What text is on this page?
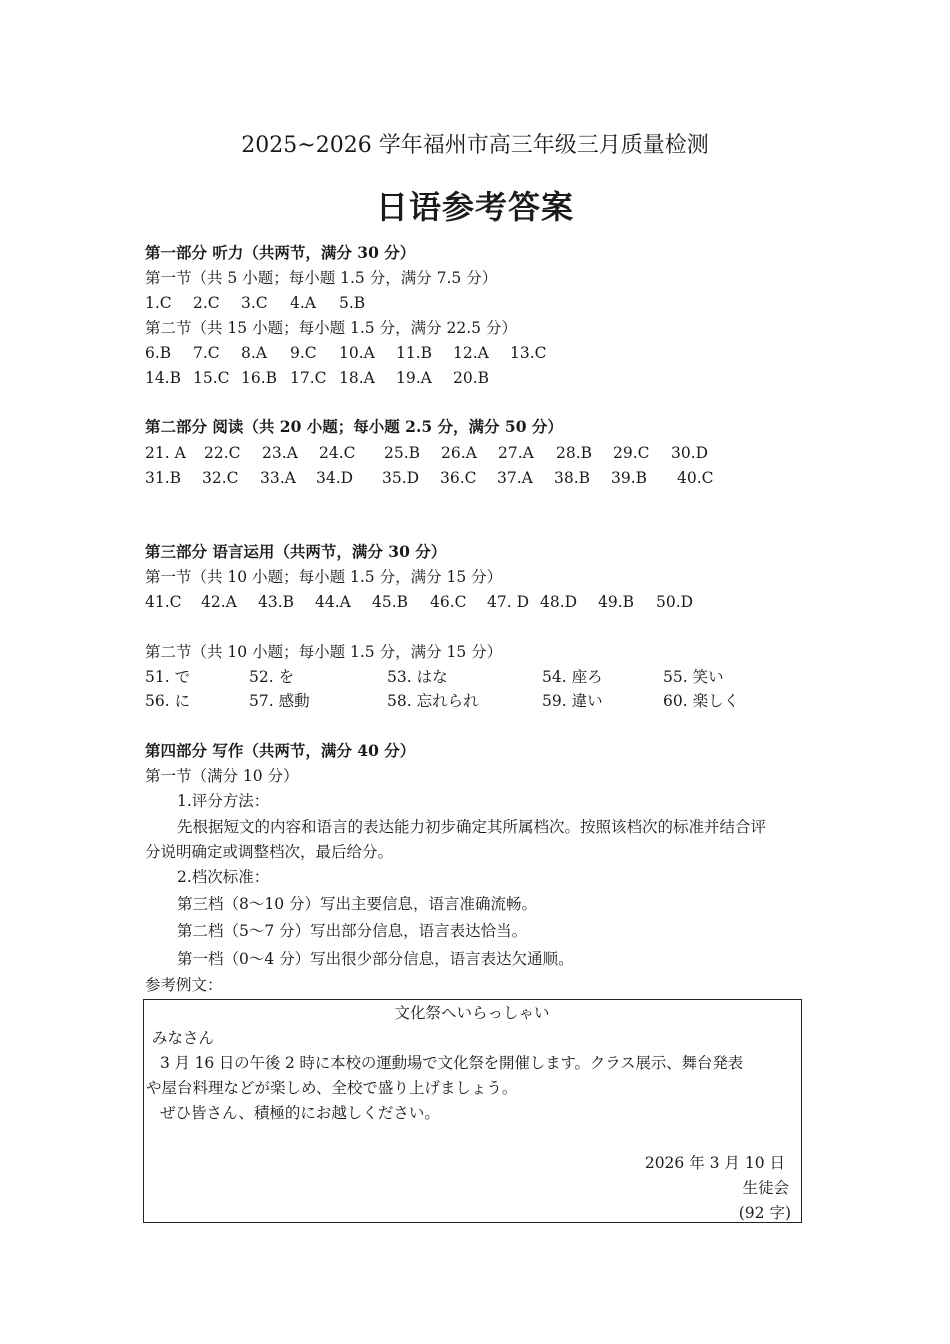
2025~2026 学年福州市高三年级三月质量检测
日语参考答案
第一部分 听力（共两节，满分 30 分）
第一节（共 5 小题；每小题 1.5 分，满分 7.5 分）
1.C 2.C 3.C 4.A 5.B
第二节（共 15 小题；每小题 1.5 分，满分 22.5 分）
6.B 7.C 8.A 9.C 10.A 11.B 12.A 13.C
14.B 15.C 16.B 17.C 18.A 19.A 20.B
第二部分 阅读（共 20 小题；每小题 2.5 分，满分 50 分）
21. A 22.C 23.A 24.C 25.B 26.A 27.A 28.B 29.C 30.D
31.B 32.C 33.A 34.D 35.D 36.C 37.A 38.B 39.B 40.C
第三部分 语言运用（共两节，满分 30 分）
第一节（共 10 小题；每小题 1.5 分，满分 15 分）
41.C 42.A 43.B 44.A 45.B 46.C 47. D 48.D 49.B 50.D
第二节（共 10 小题；每小题 1.5 分，满分 15 分）
51. で	52. を	53. はな	54. 座ろ	55. 笑い
56. に	57. 感動	58. 忘れられ	59. 違い	60. 楽しく
第四部分 写作（共两节，满分 40 分）
第一节（满分 10 分）
1.评分方法：
先根据短文的内容和语言的表达能力初步确定其所属档次。按照该档次的标准并结合评
分说明确定或调整档次，最后给分。
2.档次标准：
第三档（8～10 分）写出主要信息，语言准确流畅。
第二档（5～7 分）写出部分信息，语言表达恰当。
第一档（0～4 分）写出很少部分信息，语言表达欠通顺。
参考例文：
文化祭へいらっしゃい
みなさん
3 月 16 日の午後 2 時に本校の運動場で文化祭を開催します。クラス展示、舞台発表
や屋台料理などが楽しめ、全校で盛り上げましょう。
ぜひ皆さん、積極的にお越しください。
2026 年 3 月 10 日
生徒会
(92 字)
